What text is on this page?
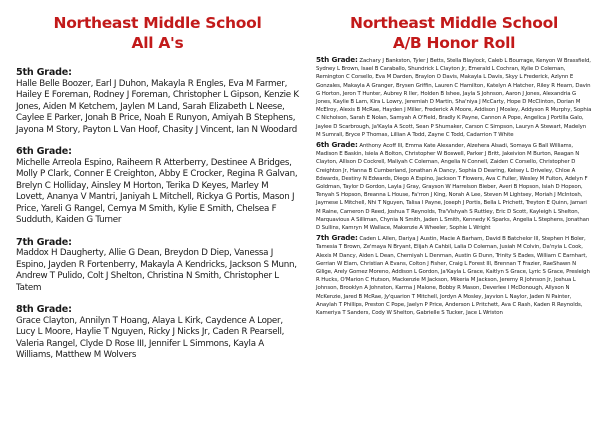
Northeast Middle School
All A's

5th Grade:

Halle Belle Boozer, Earl J Duhon, Makayla R Engles, Eva M Farmer, Hailey E Foreman, Rodney J Foreman, Christopher L Gipson, Kenzie K Jones, Aiden M Ketchem, Jaylen M Land, Sarah Elizabeth L Neese, Caylee E Parker, Jonah B Price, Noah E Runyon, Amiyah B Stephens, Jayona M Story, Payton L Van Hoof, Chasity J Vincent, Ian N Woodard

6th Grade:

Michelle Arreola Espino, Raiheem R Atterberry, Destinee A Bridges, Molly P Clark, Conner E Creighton, Abby E Crocker, Regina R Galvan, Brelyn C Holliday, Ainsley M Horton, Terika D Keyes, Marley M Lovett, Ananya V Mantri, Janiyah L Mitchell, Rickya G Portis, Mason J Price, Yareli G Rangel, Cemya M Smith, Kylie E Smith, Chelsea F Sudduth, Kaiden G Turner

7th Grade:

Maddox H Daugherty, Allie G Dean, Breydon D Diep, Vanessa J Espino, Jayden R Fortenberry, Makayla A Kendricks, Jackson S Munn, Andrew T Pulido, Colt J Shelton, Christina N Smith, Christopher L Tatem

8th Grade:

Grace Clayton, Annilyn T Hoang, Alaya L Kirk, Caydence A Loper, Lucy L Moore, Haylie T Nguyen, Ricky J Nicks Jr, Caden R Pearsell, Valeria Rangel, Clyde D Rose III, Jennifer L Simmons, Kayla A Williams, Matthew M Wolvers

Northeast Middle School
A/B Honor Roll

5th Grade: Zachary J Bankston, Tyler J Betts, Stella Blaylock, Caleb L Bourrage, Kenyon W Brassfield, Sydney L Brown, Isael B Caraballo, Shundrick L Clayton Jr, Emerald L Cochran, Kylie D Coleman, Remington C Corsello, Eva M Darden, Braylon O Davis, Makayla L Davis, Skyy L Frederick, Azlynn E Gonzales, Makayla A Granger, Brysen Griffin, Lauren C Hamilton, Katelyn A Hatcher, Riley R Hearn, Davin G Horton, Jeron T Hunter, Aubrey R Iler, Holden B Ishee, Jayla S Johnson, Aaron J Jones, Alexandria G Jones, Kaylie B Lam, Kira L Lowry, Jeremiah D Martin, Sha'niya J McCarty, Hope D McClinton, Dorian M McElroy, Alexis B McRae, Hayden J Miller, Frederick A Moore, Addison J Mosley, Addyson R Murphy, Sophia C Nicholson, Sarah E Nolan, Samyah A O'Field, Bradly K Payne, Cannon A Pope, Angelica J Portilla Galo, Jaylee D Scarbrough, Ja'Kayla A Scott, Sean P Shumaker, Carson C Simpson, Lauryn A Stewart, Madelyn M Sumrall, Bryce P Thomas, Lillian A Todd, Zayne C Todd, Cadarrion T White

6th Grade: Anthony Acoff III, Emma Kate Alexander, Alzehera Alsadi, Somaya G Ball Williams, Madison E Baskin, Isiela A Bolton, Christopher W Boswell, Parker J Britt, Jakeivion M Burton, Reagan N Clayton, Allison D Cockrell, Maliyah C Coleman, Angelia N Connell, Zaiden C Corsello, Christopher D Creighton Jr, Hanna B Cumberland, Jonathan A Dancy, Sophia D Dearing, Kelsey L Driveley, Chloe A Edwards, Destiny N Edwards, Diego A Espino, Jackson T Flowers, Ava C Fuller, Wesley M Fulton, Adelyn F Goldman, Taylor D Gordon, Layla J Gray, Grayson W Harrelson Bieber, Averi B Hopson, Isiah D Hopson, Tenyah S Hopson, Breanna L House, Fa'rron J King, Norah A Lee, Steven M Lightsey, Moriah J McIntosh, Jaymese L Mitchell, Nhi T Nguyen, Talisa I Payne, Joseph J Portis, Bella L Prichett, Treyton E Quinn, Jamari M Raine, Cameron D Reed, Joshua T Reynolds, Tra'Vishyah S Ruttley, Eric D Scott, Kayleigh L Shelton, Marquavious A Silliman, Chynia N Smith, Jaden L Smith, Kennedy K Sparks, Angelia L Stephens, Jonathan D Sullins, Kamryn M Wallace, Makenzie A Wheeler, Sophie L Wright

7th Grade: Caden L Allen, Dariya J Austin, Macie A Barham, David B Batchelor III, Stephen H Boler, Tamesia T Brown, Ze'maya N Bryant, Elijah A Cahbil, Lalia D Coleman, Jusiah M Colvin, Da'nyia L Cook, Alexis M Dancy, Aiden L Dean, Chemiyah L Denman, Austin G Dunn, Trinity S Eades, William C Earnhart, Gerrian W Elam, Christian A Evans, Colton J Fisher, Craig L Forest III, Brennan T Frazier, RaeShawn N Gilige, Arely Gomez Moreno, Addison L Gordon, Ja'Kayla L Grace, Kaitlyn S Grace, Lyric S Grace, Presleigh R Hucks, O'Marion C Hutson, Mackenzie M Jackson, Mikeria M Jackson, Jeremy R Johnson Jr, Joshua L Johnson, Brooklyn A Johnston, Karma J Malone, Bobby R Mason, Deverlee I McDonough, Allyson N McKenzie, Jared B McRae, Jy'quarion T Mitchell, Jordyn A Mosley, Jayvion L Naylor, Jaden N Painter, Anaylah T Phillips, Preston C Pope, Jaelyn P Price, Anderson L Pritchett, Ava C Rash, Kaden R Reynolds, Kameriya T Sanders, Cody W Shelton, Gabrielle S Tucker, Jace L Wriston
